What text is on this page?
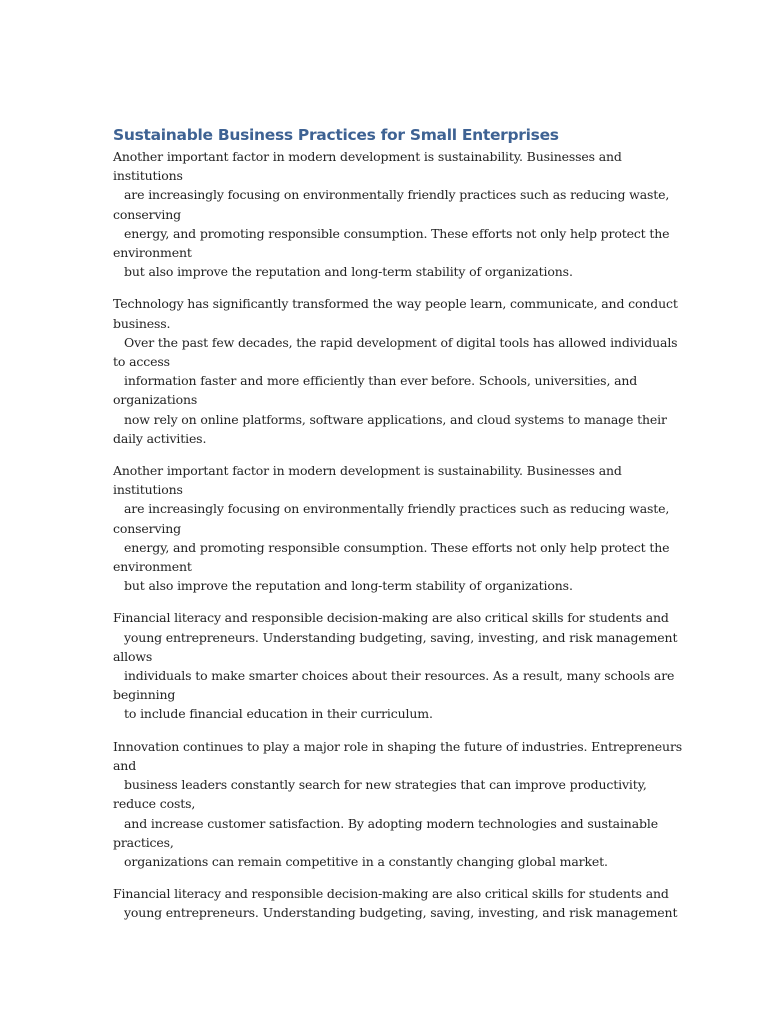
Sustainable Business Practices for Small Enterprises
Another important factor in modern development is sustainability. Businesses and
institutions
are increasingly focusing on environmentally friendly practices such as reducing waste,
conserving
energy, and promoting responsible consumption. These efforts not only help protect the
environment
but also improve the reputation and long-term stability of organizations.
Technology has significantly transformed the way people learn, communicate, and conduct
business.
Over the past few decades, the rapid development of digital tools has allowed individuals
to access
information faster and more efficiently than ever before. Schools, universities, and
organizations
now rely on online platforms, software applications, and cloud systems to manage their
daily activities.
Another important factor in modern development is sustainability. Businesses and
institutions
are increasingly focusing on environmentally friendly practices such as reducing waste,
conserving
energy, and promoting responsible consumption. These efforts not only help protect the
environment
but also improve the reputation and long-term stability of organizations.
Financial literacy and responsible decision-making are also critical skills for students and
young entrepreneurs. Understanding budgeting, saving, investing, and risk management
allows
individuals to make smarter choices about their resources. As a result, many schools are
beginning
to include financial education in their curriculum.
Innovation continues to play a major role in shaping the future of industries. Entrepreneurs
and
business leaders constantly search for new strategies that can improve productivity,
reduce costs,
and increase customer satisfaction. By adopting modern technologies and sustainable
practices,
organizations can remain competitive in a constantly changing global market.
Financial literacy and responsible decision-making are also critical skills for students and
young entrepreneurs. Understanding budgeting, saving, investing, and risk management
